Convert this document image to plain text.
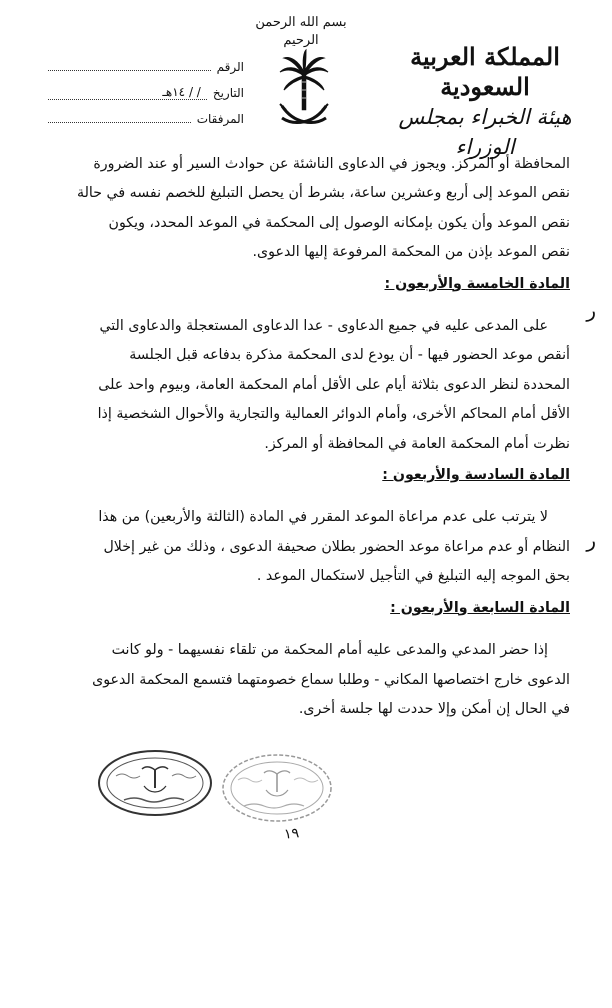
بسم الله الرحمن الرحيم
المملكة العربية السعودية
هيئة الخبراء بمجلس الوزراء
الرقم
التاريخ
/ / ١٤هـ
المرفقات
ر
ر

المحافظة أو المركز. ويجوز في الدعاوى الناشئة عن حوادث السير أو عند الضرورة

نقص الموعد إلى أربع وعشرين ساعة، بشرط أن يحصل التبليغ للخصم نفسه في حالة

نقص الموعد وأن يكون بإمكانه الوصول إلى المحكمة في الموعد المحدد، ويكون

نقص الموعد بإذن من المحكمة المرفوعة إليها الدعوى.

المادة الخامسة والأربعون :

على المدعى عليه في جميع الدعاوى - عدا الدعاوى المستعجلة والدعاوى التي

أنقص موعد الحضور فيها - أن يودع لدى المحكمة مذكرة بدفاعه قبل الجلسة

المحددة لنظر الدعوى بثلاثة أيام على الأقل أمام المحكمة العامة، وبيوم واحد على

الأقل أمام المحاكم الأخرى، وأمام الدوائر العمالية والتجارية والأحوال الشخصية إذا

نظرت أمام المحكمة العامة في المحافظة أو المركز.

المادة السادسة والأربعون :

لا يترتب على عدم مراعاة الموعد المقرر في المادة (الثالثة والأربعين) من هذا

النظام أو عدم مراعاة موعد الحضور بطلان صحيفة الدعوى ، وذلك من غير إخلال

بحق الموجه إليه التبليغ في التأجيل لاستكمال الموعد .

المادة السابعة والأربعون :

إذا حضر المدعي والمدعى عليه أمام المحكمة من تلقاء نفسيهما - ولو كانت

الدعوى خارج اختصاصها المكاني - وطلبا سماع خصومتهما فتسمع المحكمة الدعوى

في الحال إن أمكن وإلا حددت لها جلسة أخرى.

١٩
